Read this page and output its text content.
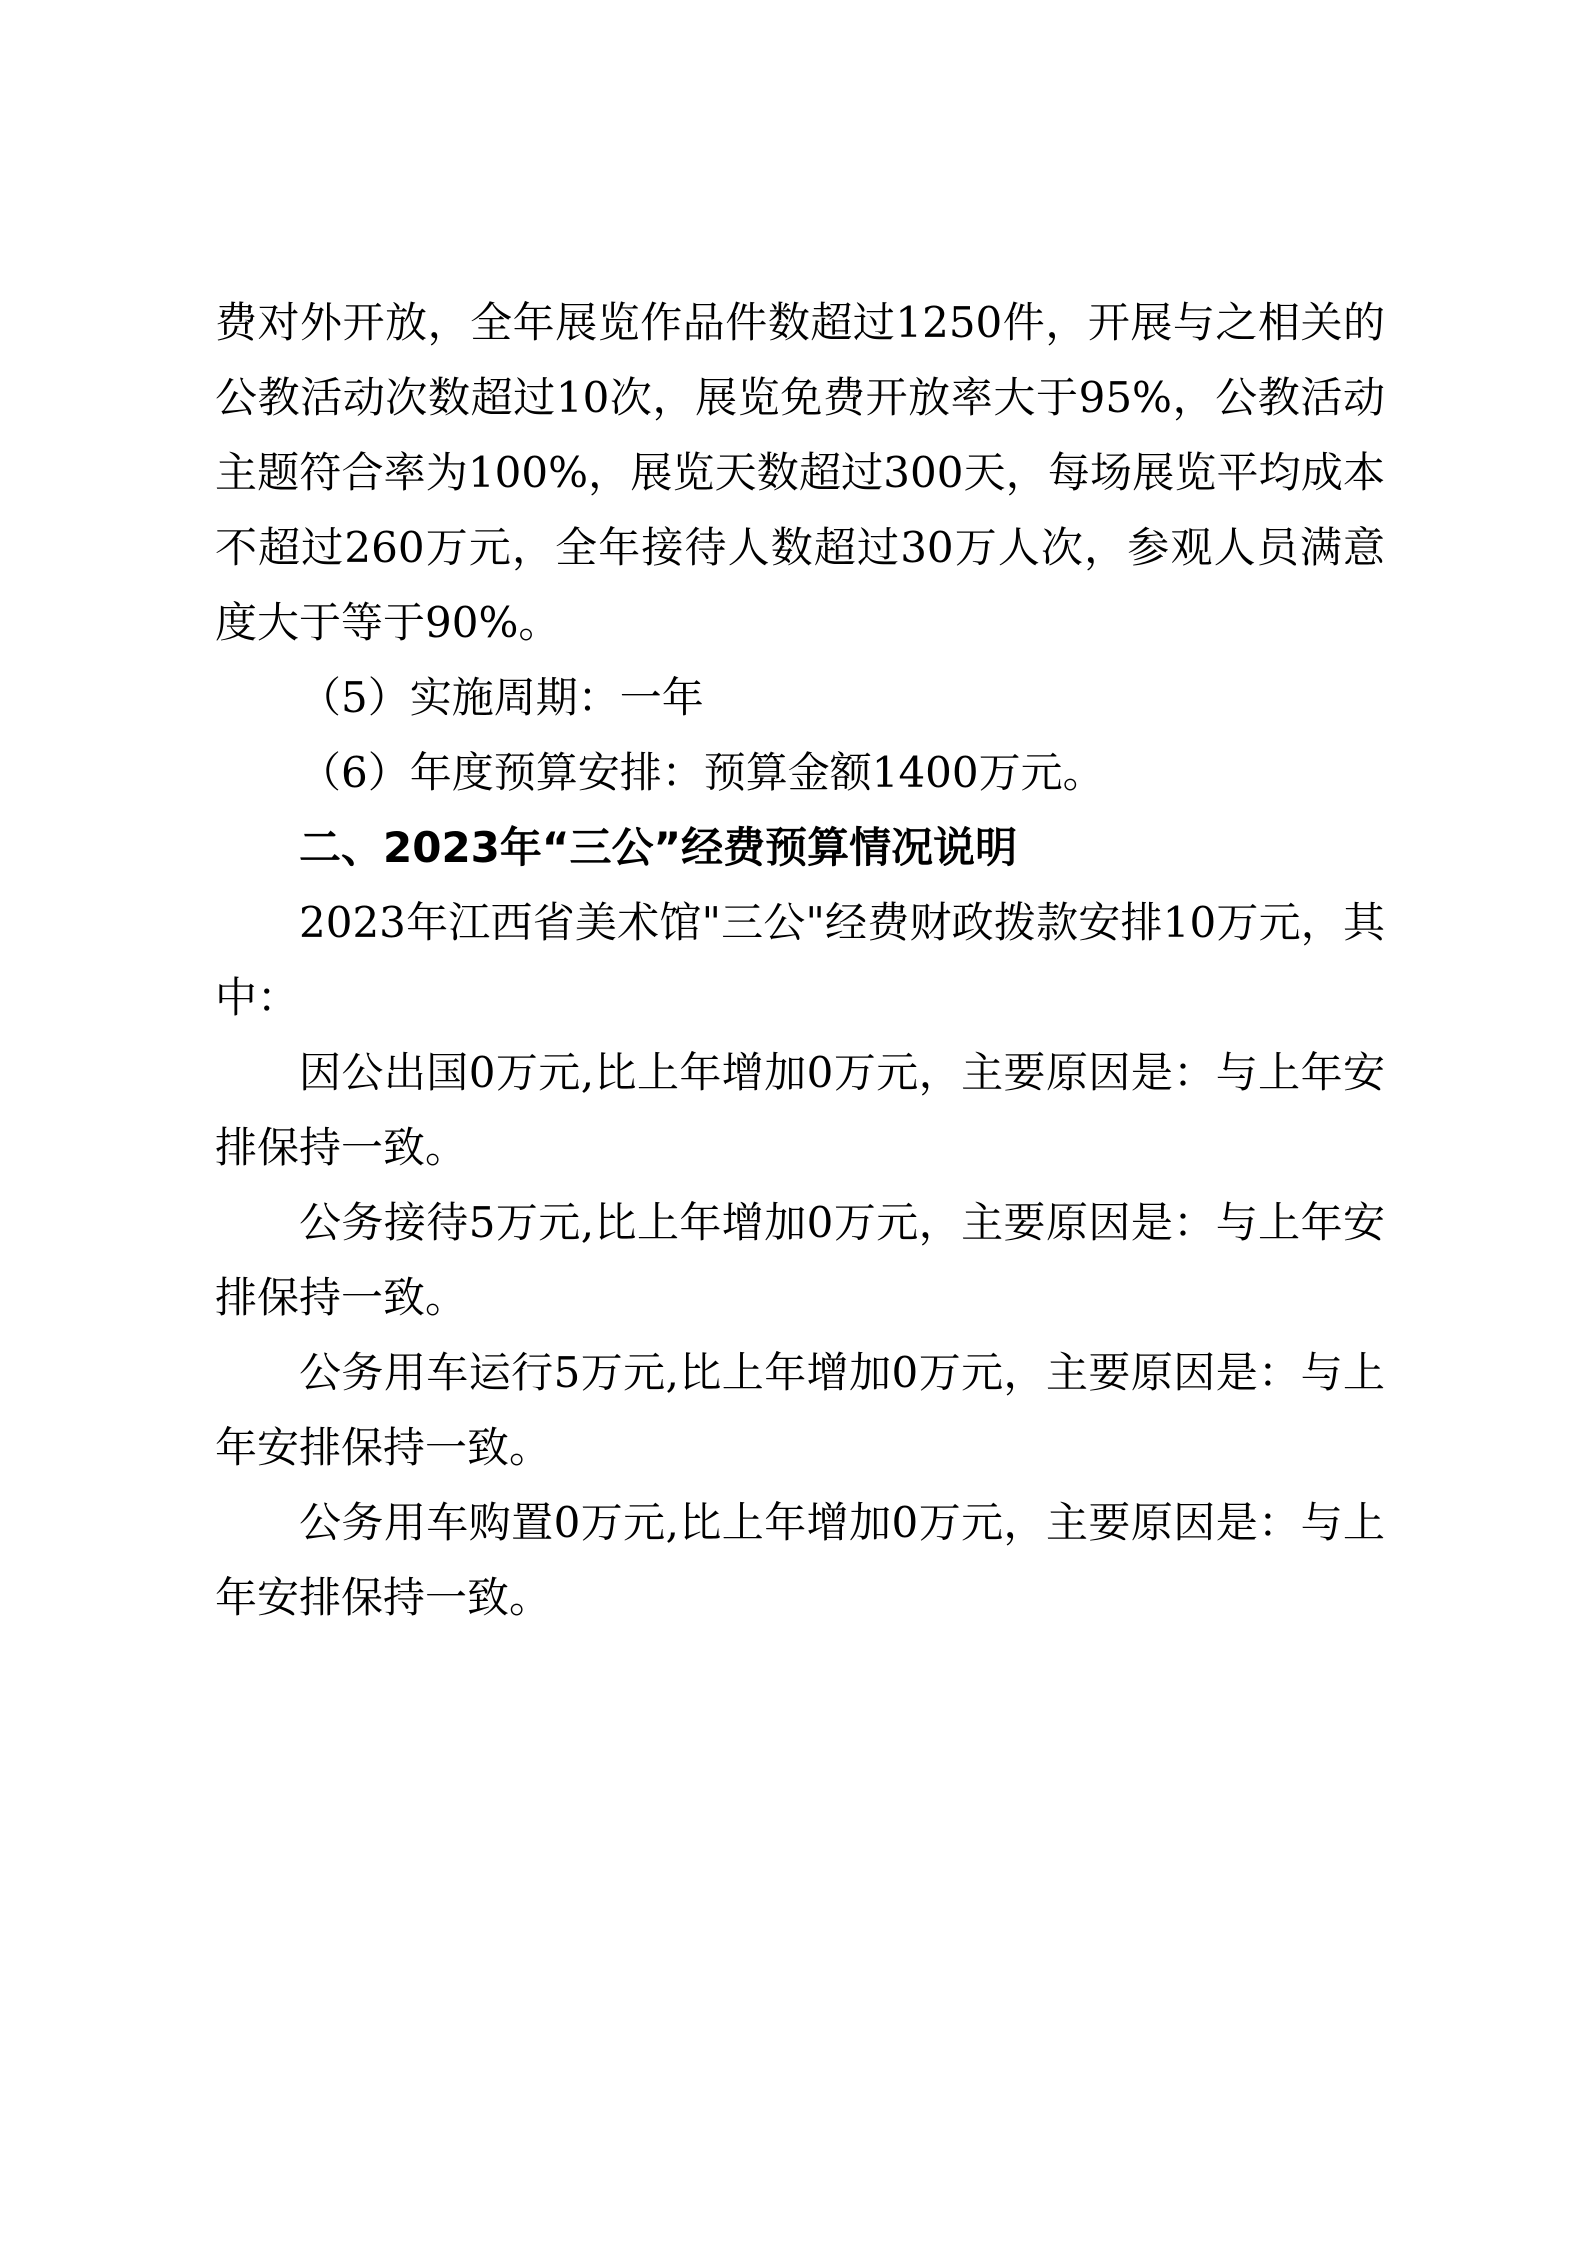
费对外开放，全年展览作品件数超过1250件，开展与之相关的公教活动次数超过10次，展览免费开放率大于95%，公教活动主题符合率为100%，展览天数超过300天，每场展览平均成本不超过260万元，全年接待人数超过30万人次，参观人员满意度大于等于90%。

（5）实施周期：一年

（6）年度预算安排：预算金额1400万元。

二、2023年“三公”经费预算情况说明

2023年江西省美术馆"三公"经费财政拨款安排10万元，其中：

因公出国0万元,比上年增加0万元，主要原因是：与上年安排保持一致。

公务接待5万元,比上年增加0万元，主要原因是：与上年安排保持一致。

公务用车运行5万元,比上年增加0万元，主要原因是：与上年安排保持一致。

公务用车购置0万元,比上年增加0万元，主要原因是：与上年安排保持一致。
